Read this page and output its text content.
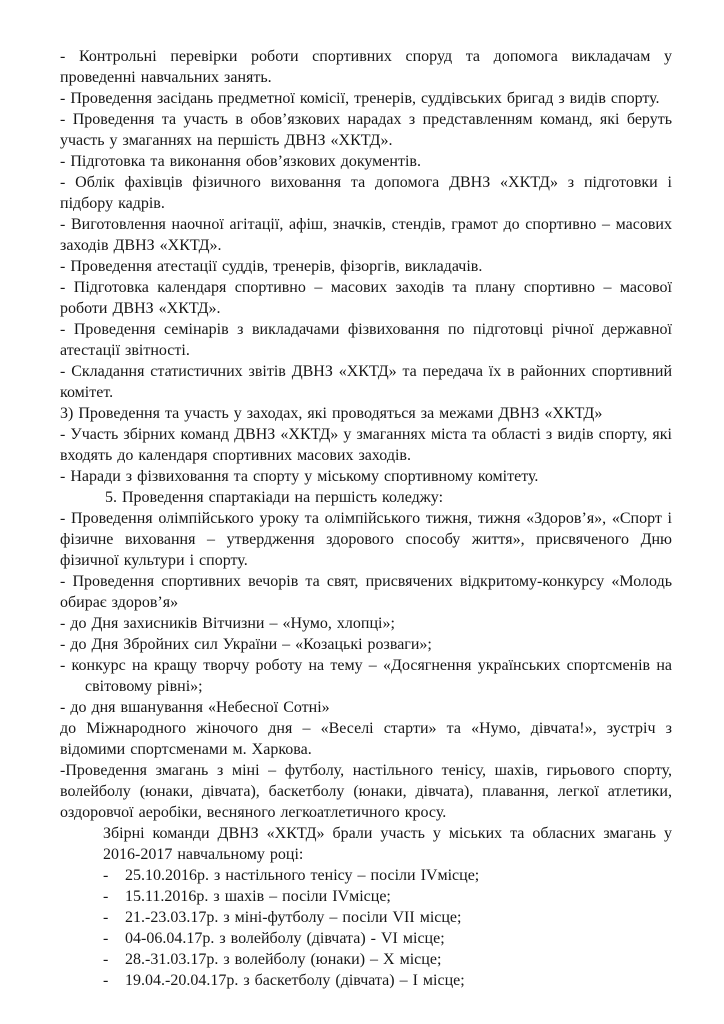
- Контрольні перевірки роботи спортивних споруд та допомога викладачам у проведенні навчальних занять.

- Проведення засідань предметної комісії, тренерів, суддівських бригад з видів спорту.

- Проведення та участь в обов’язкових нарадах з представленням команд, які беруть участь у змаганнях на першість ДВНЗ «ХКТД».

- Підготовка та виконання обов’язкових документів.

- Облік фахівців фізичного виховання та допомога ДВНЗ «ХКТД» з підготовки і підбору кадрів.

- Виготовлення наочної агітації, афіш, значків, стендів, грамот до спортивно – масових заходів ДВНЗ «ХКТД».

- Проведення атестації суддів, тренерів, фізоргів, викладачів.

- Підготовка календаря спортивно – масових заходів та плану спортивно – масової роботи ДВНЗ «ХКТД».

- Проведення семінарів з викладачами фізвиховання по підготовці річної державної атестації звітності.

- Складання статистичних звітів ДВНЗ «ХКТД» та передача їх в районних спортивний комітет.

3) Проведення та участь у заходах, які проводяться за межами ДВНЗ «ХКТД»

- Участь збірних команд ДВНЗ «ХКТД» у змаганнях міста та області з видів спорту, які входять до календаря спортивних масових заходів.

- Наради з фізвиховання та спорту у міському спортивному комітету.

5. Проведення спартакіади на першість коледжу:

- Проведення олімпійського уроку та олімпійського тижня, тижня «Здоров’я», «Спорт і фізичне виховання – утвердження здорового способу життя», присвяченого Дню фізичної культури і спорту.

- Проведення спортивних вечорів та свят, присвячених відкритому-конкурсу «Молодь обирає здоров’я»

- до Дня захисників Вітчизни – «Нумо, хлопці»;

- до Дня Збройних сил України – «Козацькі розваги»;

- конкурс на кращу творчу роботу на тему – «Досягнення українських спортсменів на світовому рівні»;

- до дня вшанування «Небесної Сотні»

до Міжнародного жіночого дня – «Веселі старти» та «Нумо, дівчата!», зустріч з відомими спортсменами м. Харкова.

-Проведення змагань з міні – футболу, настільного тенісу, шахів, гирьового спорту, волейболу (юнаки, дівчата), баскетболу (юнаки, дівчата), плавання, легкої атлетики, оздоровчої аеробіки, весняного легкоатлетичного кросу.

Збірні команди ДВНЗ «ХКТД» брали участь у міських та обласних змагань у 2016-2017 навчальному році:

- 25.10.2016р. з настільного тенісу – посіли IVмісце;

- 15.11.2016р. з шахів – посіли IVмісце;

- 21.-23.03.17р. з міні-футболу – посіли VII місце;

- 04-06.04.17р. з волейболу (дівчата) - VI місце;

- 28.-31.03.17р. з волейболу (юнаки) – X місце;

- 19.04.-20.04.17р. з баскетболу (дівчата) – I місце;
